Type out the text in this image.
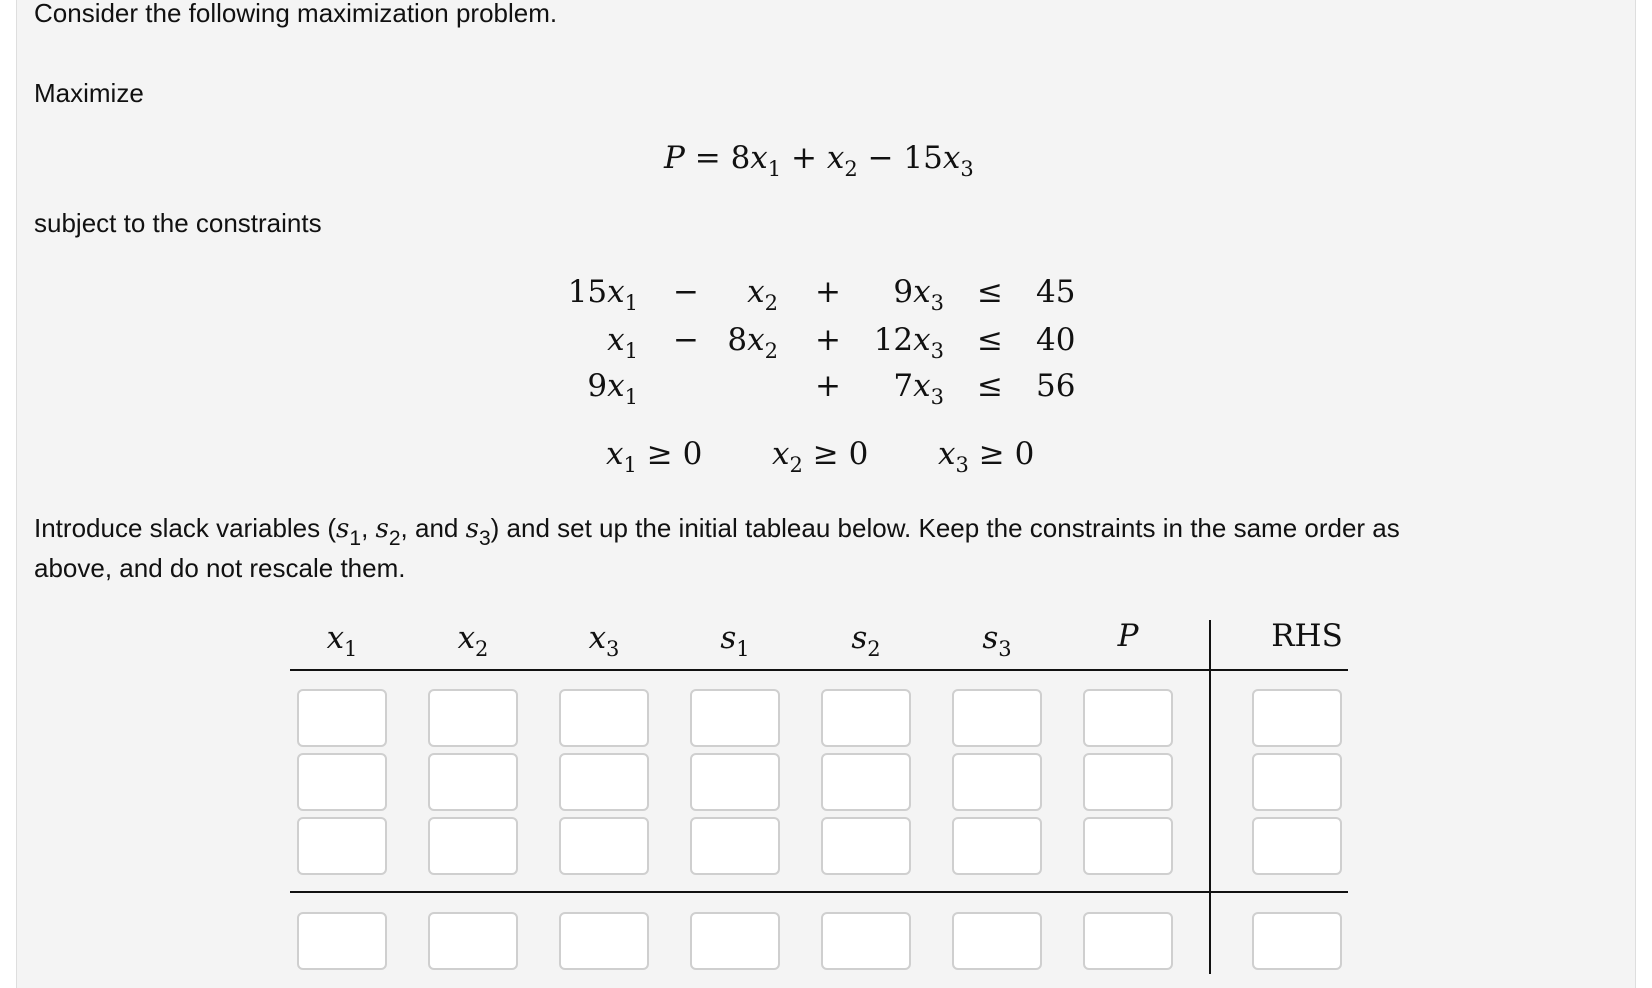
Consider the following maximization problem.
Maximize
$P = 8x_1 + x_2 - 15x_3$
subject to the constraints
$15x_1$ −	$x_2$ +	$9x_3 \le 45$
$x_1 - 8x_2$ +	$12x_3 \le 40$
$9x_1$	+	$7x_3 \le 56$
$x_1 \ge 0$ $x_2 \ge 0$ $x_3 \ge 0$
Introduce slack variables ($s_1$, $s_2$, and $s_3$) and set up the initial tableau below. Keep the constraints in the same order as
above, and do not rescale them.
$x_1$	$x_2$	$x_3$	$s_1$	$s_2$	$s_3$	P	RHS
